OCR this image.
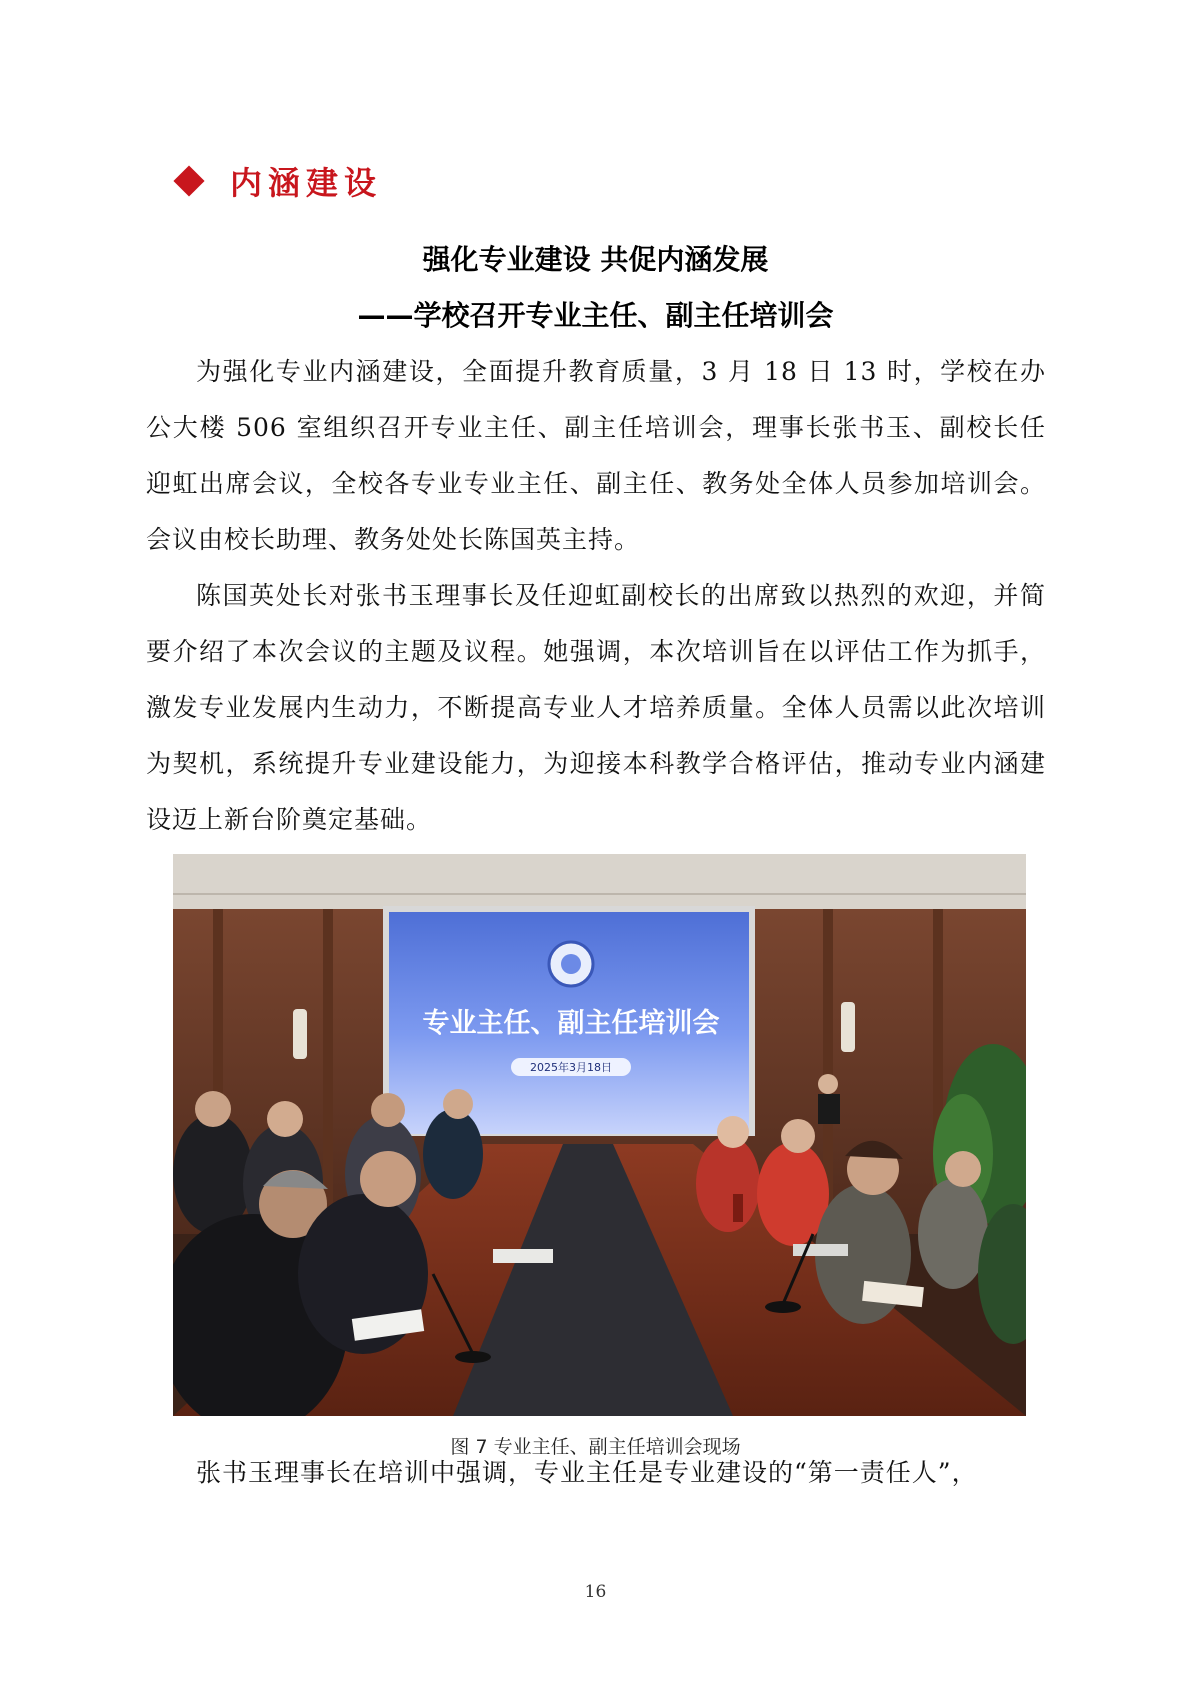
内涵建设
强化专业建设 共促内涵发展
——学校召开专业主任、副主任培训会

为强化专业内涵建设，全面提升教育质量，3 月 18 日 13 时，学校在办公大楼 506 室组织召开专业主任、副主任培训会，理事长张书玉、副校长任迎虹出席会议，全校各专业专业主任、副主任、教务处全体人员参加培训会。会议由校长助理、教务处处长陈国英主持。

陈国英处长对张书玉理事长及任迎虹副校长的出席致以热烈的欢迎，并简要介绍了本次会议的主题及议程。她强调，本次培训旨在以评估工作为抓手，激发专业发展内生动力，不断提高专业人才培养质量。全体人员需以此次培训为契机，系统提升专业建设能力，为迎接本科教学合格评估，推动专业内涵建设迈上新台阶奠定基础。

专业主任、副主任培训会
2025年3月18日
图 7 专业主任、副主任培训会现场

张书玉理事长在培训中强调，专业主任是专业建设的“第一责任人”，

16
